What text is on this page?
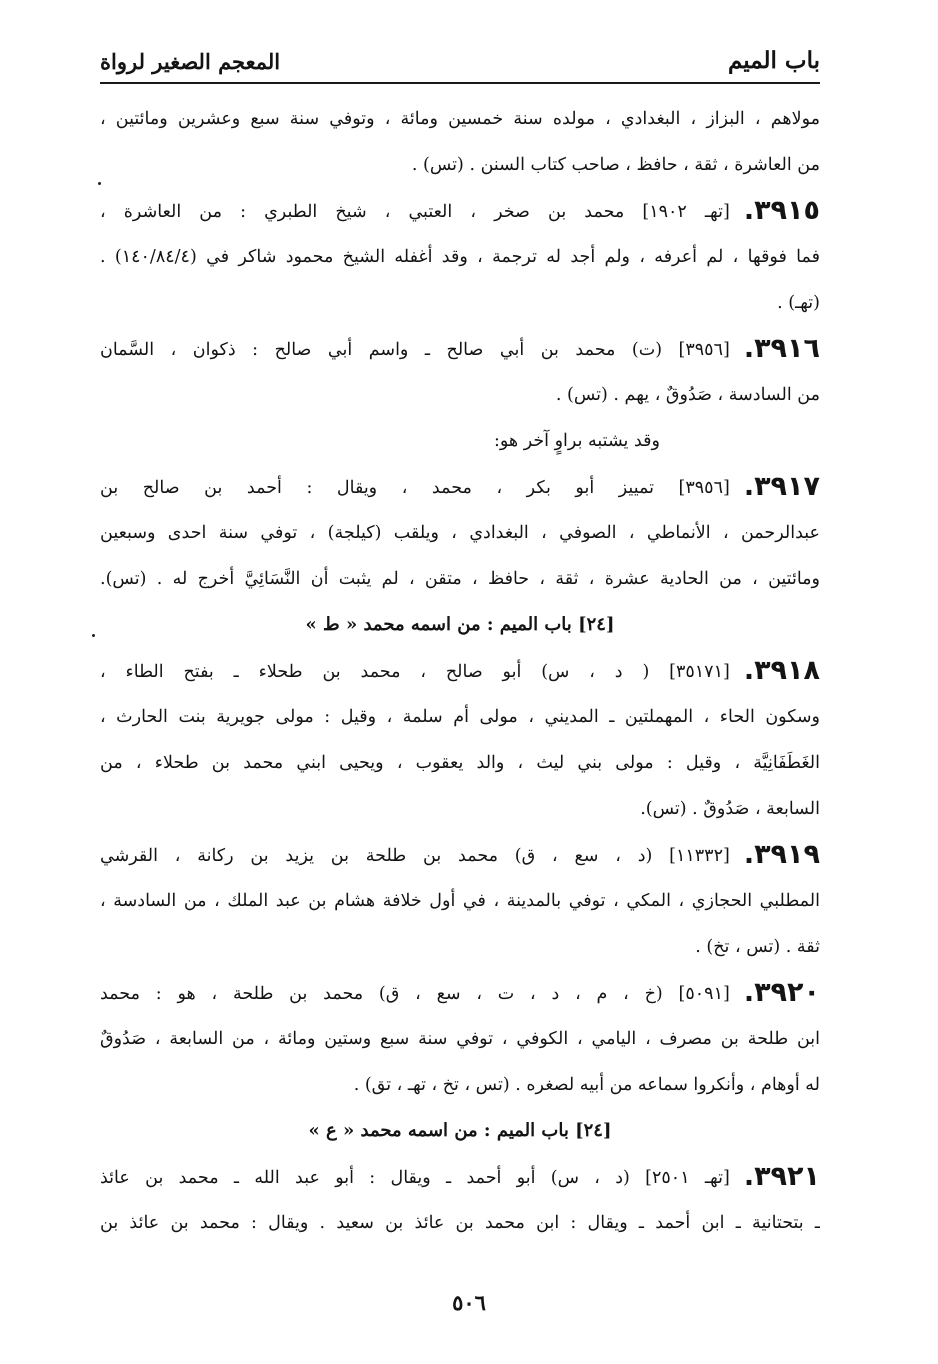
باب الميم
المعجم الصغير لرواة
مولاهم ، البزاز ، البغدادي ، مولده سنة خمسين ومائة ، وتوفي سنة سبع وعشرين ومائتين ،
من العاشرة ، ثقة ، حافظ ، صاحب كتاب السنن . (تس) .
٣٩١٥.[تهـ ١٩٠٢] محمد بن صخر ، العتبي ، شيخ الطبري : من العاشرة ،
فما فوقها ، لم أعرفه ، ولم أجد له ترجمة ، وقد أغفله الشيخ محمود شاكر في (١٤٠/٨٤/٤) .
(تهـ) .
٣٩١٦.[٣٩٥٦] (ت) محمد بن أبي صالح ـ واسم أبي صالح : ذكوان ، السَّمان
من السادسة ، صَدُوقٌ ، يهم . (تس) .
وقد يشتبه براوٍ آخر هو:
٣٩١٧.[٣٩٥٦] تمييز أبو بكر ، محمد ، ويقال : أحمد بن صالح بن
عبدالرحمن ، الأنماطي ، الصوفي ، البغدادي ، ويلقب (كيلجة) ، توفي سنة احدى وسبعين
ومائتين ، من الحادية عشرة ، ثقة ، حافظ ، متقن ، لم يثبت أن النَّسَائِيَّ أخرج له . (تس).
[٢٤] باب الميم : من اسمه محمد « ط »
٣٩١٨.[٣٥١٧١] ( د ، س) أبو صالح ، محمد بن طحلاء ـ بفتح الطاء ،
وسكون الحاء ، المهملتين ـ المديني ، مولى أم سلمة ، وقيل : مولى جويرية بنت الحارث ،
الغَطَفَانِيَّة ، وقيل : مولى بني ليث ، والد يعقوب ، ويحيى ابني محمد بن طحلاء ، من
السابعة ، صَدُوقٌ . (تس).
٣٩١٩.[١١٣٣٢] (د ، سع ، ق) محمد بن طلحة بن يزيد بن ركانة ، القرشي
المطلبي الحجازي ، المكي ، توفي بالمدينة ، في أول خلافة هشام بن عبد الملك ، من السادسة ،
ثقة . (تس ، تخ) .
٣٩٢٠.[٥٠٩١] (خ ، م ، د ، ت ، سع ، ق) محمد بن طلحة ، هو : محمد
ابن طلحة بن مصرف ، اليامي ، الكوفي ، توفي سنة سبع وستين ومائة ، من السابعة ، صَدُوقٌ
له أوهام ، وأنكروا سماعه من أبيه لصغره . (تس ، تخ ، تهـ ، تق) .
[٢٤] باب الميم : من اسمه محمد « ع »
٣٩٢١.[تهـ ٢٥٠١] (د ، س) أبو أحمد ـ ويقال : أبو عبد الله ـ محمد بن عائذ
ـ بتحتانية ـ ابن أحمد ـ ويقال : ابن محمد بن عائذ بن سعيد . ويقال : محمد بن عائذ بن
٥٠٦
